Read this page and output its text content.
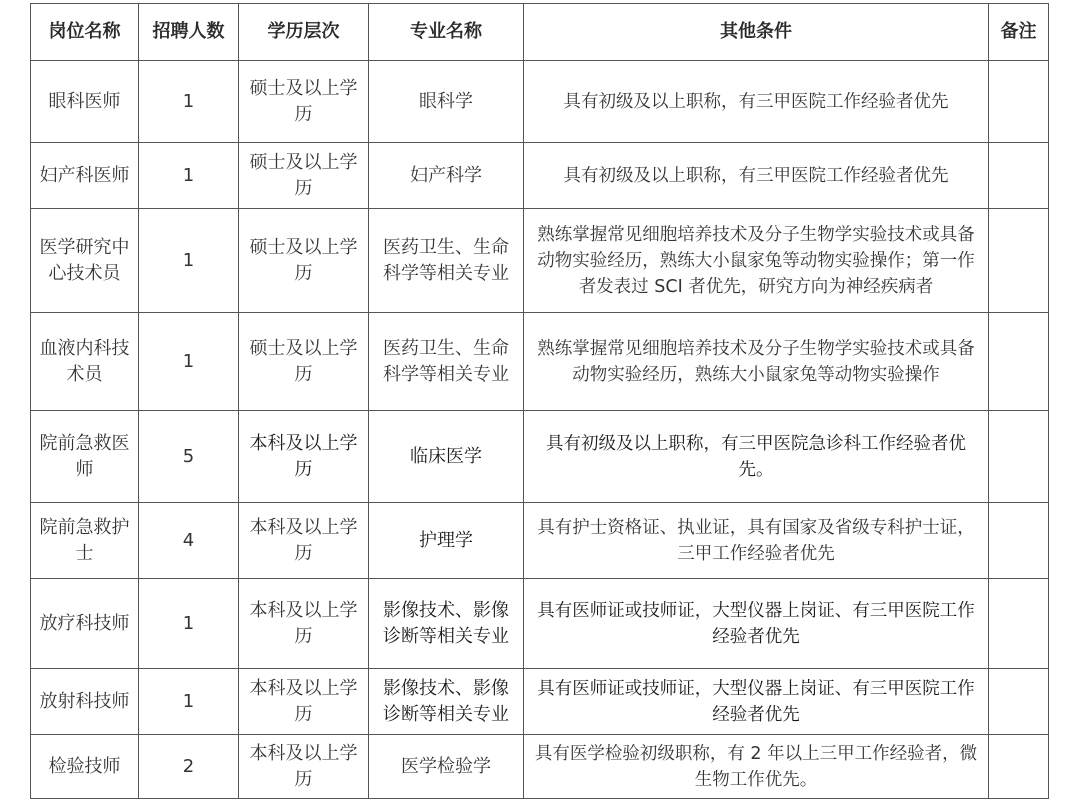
岗位名称	招聘人数	学历层次	专业名称	其他条件	备注
眼科医师	1	硕士及以上学历	眼科学	具有初级及以上职称，有三甲医院工作经验者优先	
妇产科医师	1	硕士及以上学历	妇产科学	具有初级及以上职称，有三甲医院工作经验者优先	
医学研究中心技术员	1	硕士及以上学历	医药卫生、生命科学等相关专业	熟练掌握常见细胞培养技术及分子生物学实验技术或具备动物实验经历，熟练大小鼠家兔等动物实验操作；第一作者发表过 SCI 者优先，研究方向为神经疾病者	
血液内科技术员	1	硕士及以上学历	医药卫生、生命科学等相关专业	熟练掌握常见细胞培养技术及分子生物学实验技术或具备动物实验经历，熟练大小鼠家兔等动物实验操作	
院前急救医师	5	本科及以上学历	临床医学	具有初级及以上职称，有三甲医院急诊科工作经验者优先。	
院前急救护士	4	本科及以上学历	护理学	具有护士资格证、执业证，具有国家及省级专科护士证，三甲工作经验者优先	
放疗科技师	1	本科及以上学历	影像技术、影像诊断等相关专业	具有医师证或技师证，大型仪器上岗证、有三甲医院工作经验者优先	
放射科技师	1	本科及以上学历	影像技术、影像诊断等相关专业	具有医师证或技师证，大型仪器上岗证、有三甲医院工作经验者优先	
检验技师	2	本科及以上学历	医学检验学	具有医学检验初级职称，有 2 年以上三甲工作经验者，微生物工作优先。	
